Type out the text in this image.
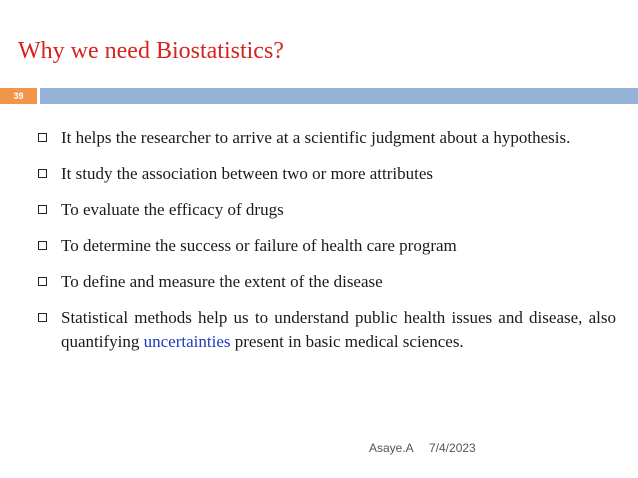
Why we need Biostatistics?
39
It helps the researcher to arrive at a scientific judgment about a hypothesis.
It study the association between two or more attributes
To evaluate the efficacy of drugs
To determine the success or failure of health care program
To define and measure the extent of the disease
Statistical methods help us to understand public health issues and disease, also quantifying uncertainties present in basic medical sciences.
Asaye.A 7/4/2023
